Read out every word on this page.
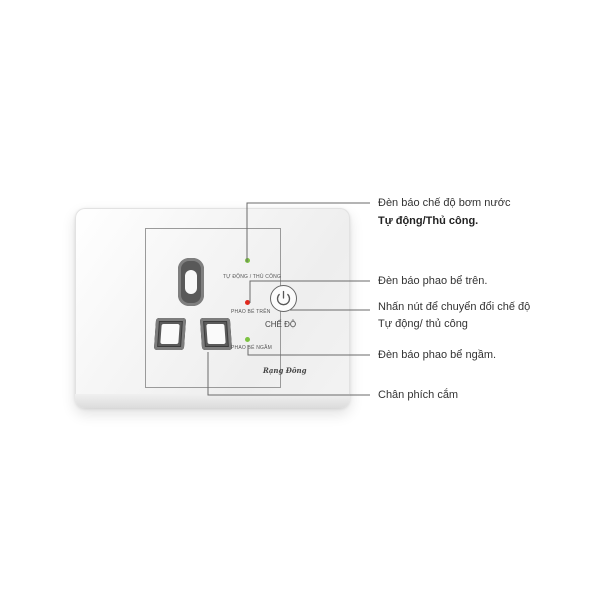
TỰ ĐỘNG / THỦ CÔNG
PHAO BỂ TRÊN
PHAO BỂ NGẦM
CHẾ ĐỘ
Rạng Đông
Đèn báo chế độ bơm nước
Tự động/Thủ công.
Đèn báo phao bể trên.
Nhấn nút để chuyển đổi chế độ
Tự động/ thủ công
Đèn báo phao bể ngầm.
Chân phích cắm
